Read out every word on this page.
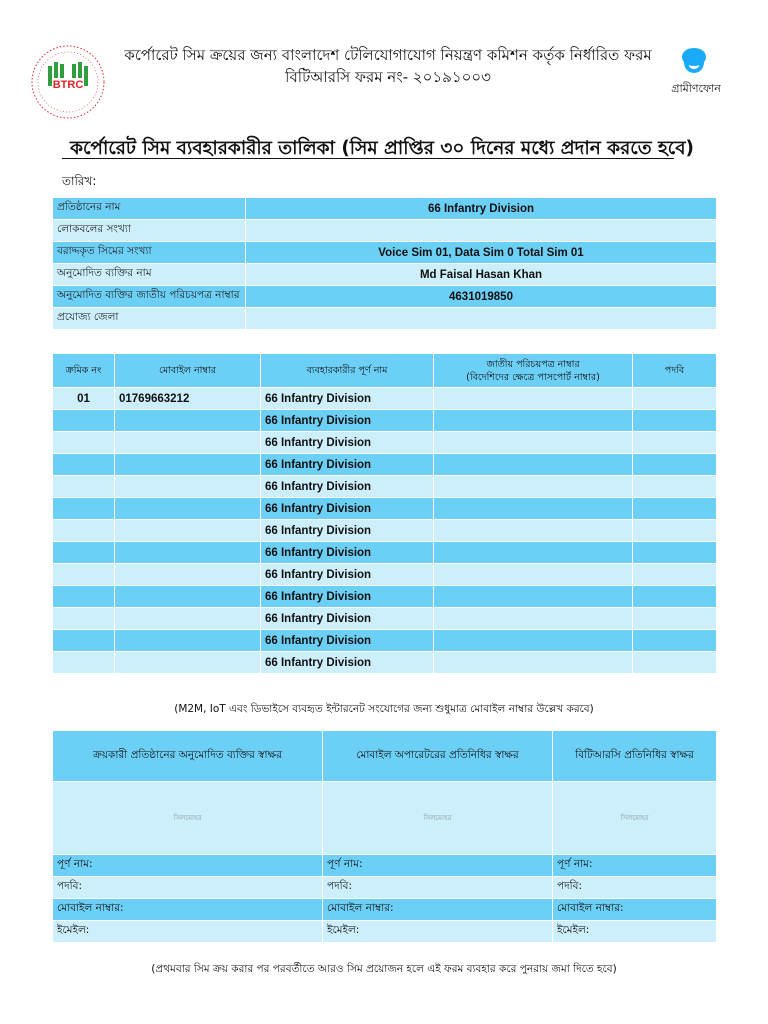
BTRC
কর্পোরেট সিম ক্রয়ের জন্য বাংলাদেশ টেলিযোগাযোগ নিয়ন্ত্রণ কমিশন কর্তৃক নির্ধারিত ফরম
বিটিআরসি ফরম নং- ২০১৯১০০৩
গ্রামীণফোন
কর্পোরেট সিম ব্যবহারকারীর তালিকা (সিম প্রাপ্তির ৩০ দিনের মধ্যে প্রদান করতে হবে)
তারিখ:
প্রতিষ্ঠানের নাম	66 Infantry Division
লোকবলের সংখ্যা	
বরাদ্দকৃত সিমের সংখ্যা	Voice Sim 01, Data Sim 0 Total Sim 01
অনুমোদিত ব্যক্তির নাম	Md Faisal Hasan Khan
অনুমোদিত ব্যক্তির জাতীয় পরিচয়পত্র নাম্বার	4631019850
প্রযোজ্য জেলা	
ক্রমিক নং	মোবাইল নাম্বার	ব্যবহারকারীর পূর্ণ নাম	জাতীয় পরিচয়পত্র নাম্বার
(বিদেশিদের ক্ষেত্রে পাসপোর্ট নাম্বার)	পদবি
01	01769663212	66 Infantry Division		
		66 Infantry Division		
		66 Infantry Division		
		66 Infantry Division		
		66 Infantry Division		
		66 Infantry Division		
		66 Infantry Division		
		66 Infantry Division		
		66 Infantry Division		
		66 Infantry Division		
		66 Infantry Division		
		66 Infantry Division		
		66 Infantry Division		
(M2M, IoT এবং ডিভাইসে ব্যবহৃত ইন্টারনেট সংযোগের জন্য শুধুমাত্র মোবাইল নাম্বার উল্লেখ করবে)
ক্রয়কারী প্রতিষ্ঠানের অনুমোদিত ব্যক্তির স্বাক্ষর	মোবাইল অপারেটরের প্রতিনিধির স্বাক্ষর	বিটিআরসি প্রতিনিধির স্বাক্ষর
সিলমোহর	সিলমোহর	সিলমোহর
পূর্ণ নাম:	পূর্ণ নাম:	পূর্ণ নাম:
পদবি:	পদবি:	পদবি:
মোবাইল নাম্বার:	মোবাইল নাম্বার:	মোবাইল নাম্বার:
ইমেইল:	ইমেইল:	ইমেইল:
(প্রথমবার সিম ক্রয় করার পর পরবর্তীতে আরও সিম প্রয়োজন হলে এই ফরম ব্যবহার করে পুনরায় জমা দিতে হবে)
